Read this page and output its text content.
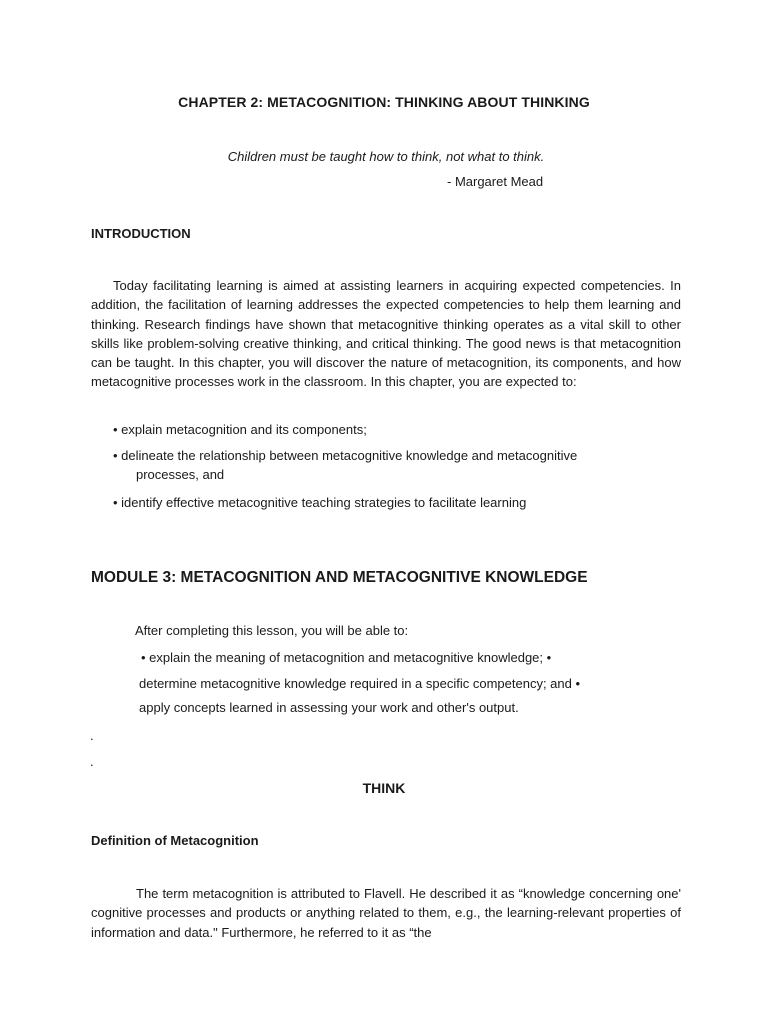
CHAPTER 2: METACOGNITION: THINKING ABOUT THINKING

Children must be taught how to think, not what to think.

- Margaret Mead

INTRODUCTION

Today facilitating learning is aimed at assisting learners in acquiring expected competencies. In addition, the facilitation of learning addresses the expected competencies to help them learning and thinking. Research findings have shown that metacognitive thinking operates as a vital skill to other skills like problem-solving creative thinking, and critical thinking. The good news is that metacognition can be taught. In this chapter, you will discover the nature of metacognition, its components, and how metacognitive processes work in the classroom. In this chapter, you are expected to:

• explain metacognition and its components;

• delineate the relationship between metacognitive knowledge and metacognitive
processes, and

• identify effective metacognitive teaching strategies to facilitate learning

MODULE 3: METACOGNITION AND METACOGNITIVE KNOWLEDGE

After completing this lesson, you will be able to:

• explain the meaning of metacognition and metacognitive knowledge; •

determine metacognitive knowledge required in a specific competency; and •

apply concepts learned in assessing your work and other's output.

.

.

THINK
Definition of Metacognition

The term metacognition is attributed to Flavell. He described it as “knowledge concerning one' cognitive processes and products or anything related to them, e.g., the learning-relevant properties of information and data." Furthermore, he referred to it as “the
